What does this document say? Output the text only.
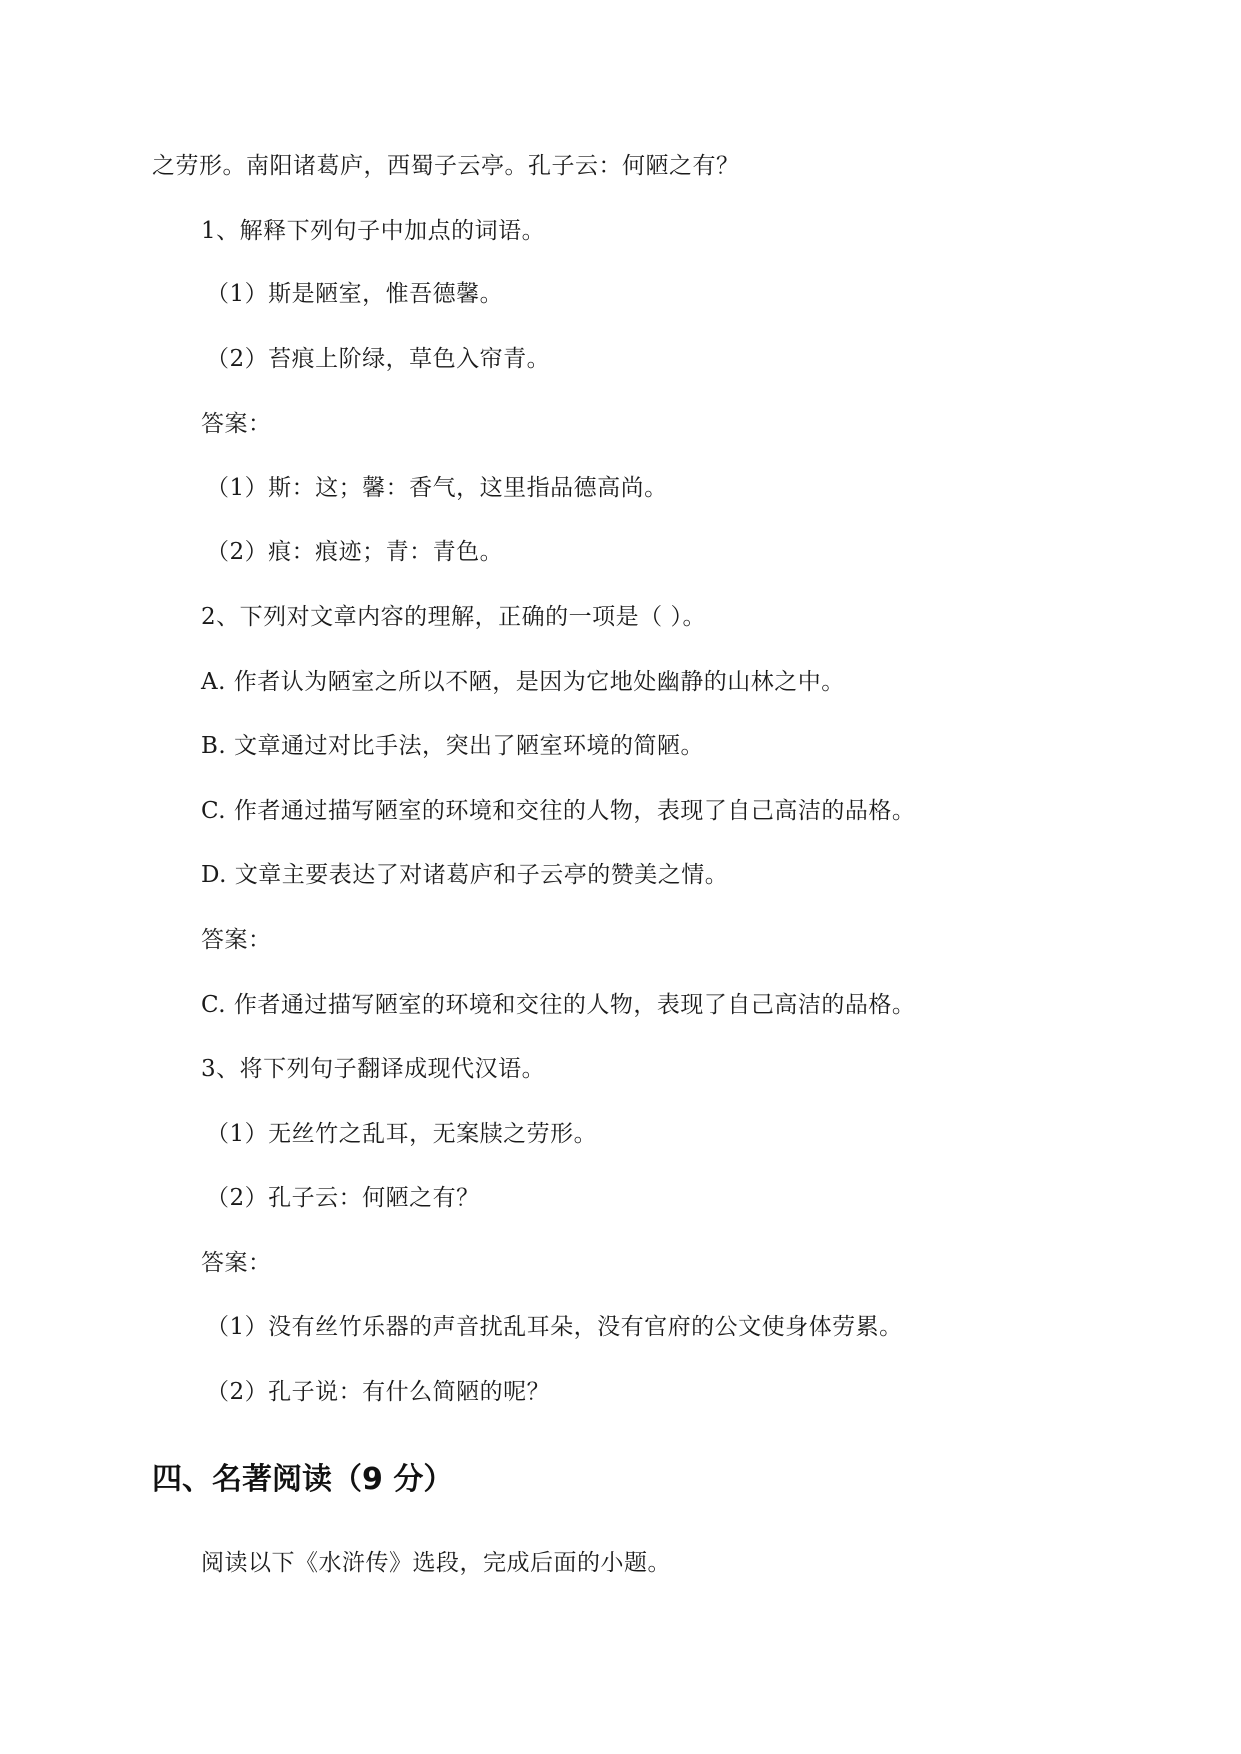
之劳形。南阳诸葛庐，西蜀子云亭。孔子云：何陋之有？
1、解释下列句子中加点的词语。
（1）斯是陋室，惟吾德馨。
（2）苔痕上阶绿，草色入帘青。
答案：
（1）斯：这；馨：香气，这里指品德高尚。
（2）痕：痕迹；青：青色。
2、下列对文章内容的理解，正确的一项是（ ）。
A. 作者认为陋室之所以不陋，是因为它地处幽静的山林之中。
B. 文章通过对比手法，突出了陋室环境的简陋。
C. 作者通过描写陋室的环境和交往的人物，表现了自己高洁的品格。
D. 文章主要表达了对诸葛庐和子云亭的赞美之情。
答案：
C. 作者通过描写陋室的环境和交往的人物，表现了自己高洁的品格。
3、将下列句子翻译成现代汉语。
（1）无丝竹之乱耳，无案牍之劳形。
（2）孔子云：何陋之有？
答案：
（1）没有丝竹乐器的声音扰乱耳朵，没有官府的公文使身体劳累。
（2）孔子说：有什么简陋的呢？
四、名著阅读（9 分）
阅读以下《水浒传》选段，完成后面的小题。
